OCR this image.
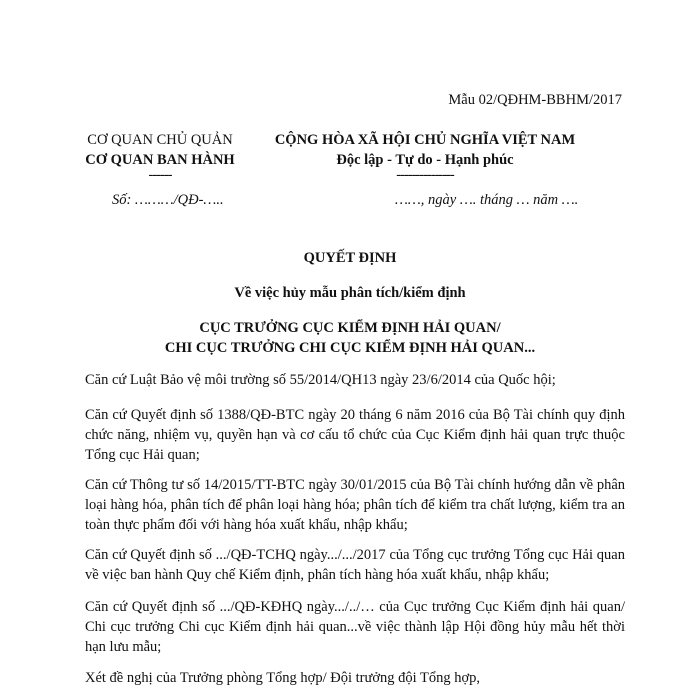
Mẫu 02/QĐHM-BBHM/2017
CƠ QUAN CHỦ QUẢN
CƠ QUAN BAN HÀNH
------
CỘNG HÒA XÃ HỘI CHỦ NGHĨA VIỆT NAM
Độc lập - Tự do - Hạnh phúc
---------------
Số: ………/QĐ-…..	……, ngày …. tháng … năm ….
QUYẾT ĐỊNH
Về việc hủy mẫu phân tích/kiểm định
CỤC TRƯỞNG CỤC KIỂM ĐỊNH HẢI QUAN/
CHI CỤC TRƯỞNG CHI CỤC KIỂM ĐỊNH HẢI QUAN...
Căn cứ Luật Bảo vệ môi trường số 55/2014/QH13 ngày 23/6/2014 của Quốc hội;
Căn cứ Quyết định số 1388/QĐ-BTC ngày 20 tháng 6 năm 2016 của Bộ Tài chính quy định chức năng, nhiệm vụ, quyền hạn và cơ cấu tổ chức của Cục Kiểm định hải quan trực thuộc Tổng cục Hải quan;
Căn cứ Thông tư số 14/2015/TT-BTC ngày 30/01/2015 của Bộ Tài chính hướng dẫn về phân loại hàng hóa, phân tích để phân loại hàng hóa; phân tích để kiểm tra chất lượng, kiểm tra an toàn thực phẩm đối với hàng hóa xuất khẩu, nhập khẩu;
Căn cứ Quyết định số .../QĐ-TCHQ ngày.../.../2017 của Tổng cục trưởng Tổng cục Hải quan về việc ban hành Quy chế Kiểm định, phân tích hàng hóa xuất khẩu, nhập khẩu;
Căn cứ Quyết định số .../QĐ-KĐHQ ngày.../../… của Cục trưởng Cục Kiểm định hải quan/ Chi cục trưởng Chi cục Kiểm định hải quan...về việc thành lập Hội đồng hủy mẫu hết thời hạn lưu mẫu;
Xét đề nghị của Trưởng phòng Tổng hợp/ Đội trưởng đội Tổng hợp,
